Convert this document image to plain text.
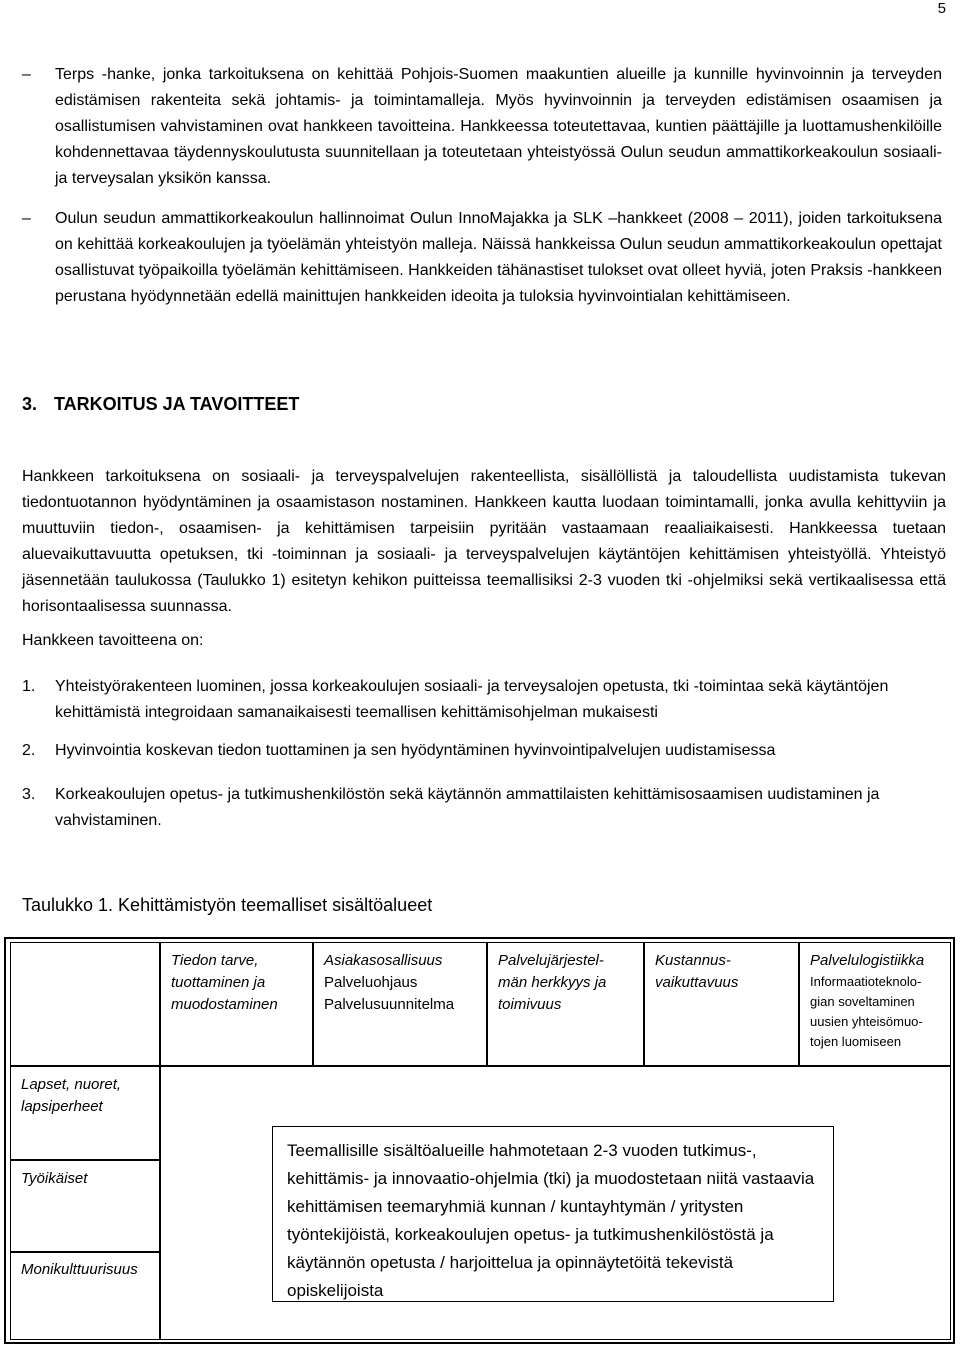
5
– Terps -hanke, jonka tarkoituksena on kehittää Pohjois-Suomen maakuntien alueille ja kunnille hyvinvoinnin ja terveyden edistämisen rakenteita sekä johtamis- ja toimintamalleja. Myös hyvinvoinnin ja terveyden edistämisen osaamisen ja osallistumisen vahvistaminen ovat hankkeen tavoitteina. Hankkeessa toteutettavaa, kuntien päättäjille ja luottamushenkilöille kohdennettavaa täydennyskoulutusta suunnitellaan ja toteutetaan yhteistyössä Oulun seudun ammattikorkeakoulun sosiaali- ja terveysalan yksikön kanssa.
– Oulun seudun ammattikorkeakoulun hallinnoimat Oulun InnoMajakka ja SLK –hankkeet (2008 – 2011), joiden tarkoituksena on kehittää korkeakoulujen ja työelämän yhteistyön malleja. Näissä hankkeissa Oulun seudun ammattikorkeakoulun opettajat osallistuvat työpaikoilla työelämän kehittämiseen. Hankkeiden tähänastiset tulokset ovat olleet hyviä, joten Praksis -hankkeen perustana hyödynnetään edellä mainittujen hankkeiden ideoita ja tuloksia hyvinvointialan kehittämiseen.
3. TARKOITUS JA TAVOITTEET
Hankkeen tarkoituksena on sosiaali- ja terveyspalvelujen rakenteellista, sisällöllistä ja taloudellista uudistamista tukevan tiedontuotannon hyödyntäminen ja osaamistason nostaminen. Hankkeen kautta luodaan toimintamalli, jonka avulla kehittyviin ja muuttuviin tiedon-, osaamisen- ja kehittämisen tarpeisiin pyritään vastaamaan reaaliaikaisesti. Hankkeessa tuetaan aluevaikuttavuutta opetuksen, tki -toiminnan ja sosiaali- ja terveyspalvelujen käytäntöjen kehittämisen yhteistyöllä. Yhteistyö jäsennetään taulukossa (Taulukko 1) esitetyn kehikon puitteissa teemallisiksi 2-3 vuoden tki -ohjelmiksi sekä vertikaalisessa että horisontaalisessa suunnassa.
Hankkeen tavoitteena on:
1. Yhteistyörakenteen luominen, jossa korkeakoulujen sosiaali- ja terveysalojen opetusta, tki -toimintaa sekä käytäntöjen kehittämistä integroidaan samanaikaisesti teemallisen kehittämisohjelman mukaisesti
2. Hyvinvointia koskevan tiedon tuottaminen ja sen hyödyntäminen hyvinvointipalvelujen uudistamisessa
3. Korkeakoulujen opetus- ja tutkimushenkilöstön sekä käytännön ammattilaisten kehittämisosaamisen uudistaminen ja vahvistaminen.
Taulukko 1. Kehittämistyön teemalliset sisältöalueet
Tiedon tarve,
tuottaminen ja
muodostaminen
Asiakasosallisuus
Palveluohjaus
Palvelusuunnitelma
Palvelujärjestel-
män herkkyys ja
toimivuus
Kustannus-
vaikuttavuus
Palvelulogistiikka
Informaatioteknolo-
gian soveltaminen
uusien yhteisömuo-
tojen luomiseen
Lapset, nuoret,
lapsiperheet
Työikäiset
Monikulttuurisuus
Teemallisille sisältöalueille hahmotetaan 2-3 vuoden tutkimus-, kehittämis- ja innovaatio-ohjelmia (tki) ja muodostetaan niitä vastaavia kehittämisen teemaryhmiä kunnan / kuntayhtymän / yritysten työntekijöistä, korkeakoulujen opetus- ja tutkimushenkilöstöstä ja käytännön opetusta / harjoittelua ja opinnäytetöitä tekevistä opiskelijoista
